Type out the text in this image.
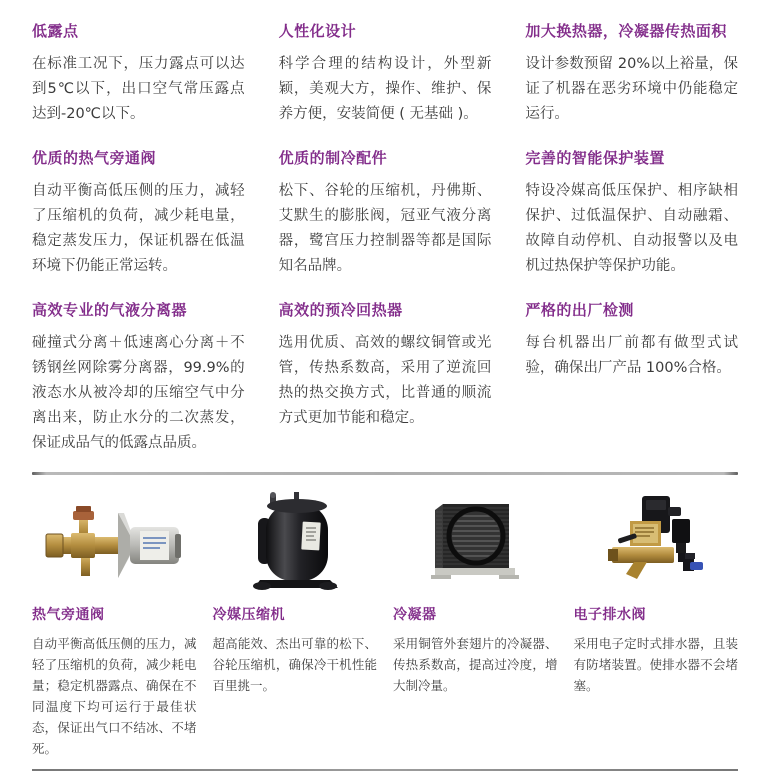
低露点

在标准工况下，压力露点可以达到5℃以下，出口空气常压露点达到-20℃以下。

人性化设计

科学合理的结构设计，外型新颖，美观大方，操作、维护、保养方便，安装简便 ( 无基础 )。

加大换热器，冷凝器传热面积

设计参数预留 20%以上裕量，保证了机器在恶劣环境中仍能稳定运行。

优质的热气旁通阀

自动平衡高低压侧的压力，减轻了压缩机的负荷，减少耗电量，稳定蒸发压力，保证机器在低温环境下仍能正常运转。

优质的制冷配件

松下、谷轮的压缩机，丹佛斯、艾默生的膨胀阀，冠亚气液分离器，鹭宫压力控制器等都是国际知名品牌。

完善的智能保护装置

特设冷媒高低压保护、相序缺相保护、过低温保护、自动融霜、故障自动停机、自动报警以及电机过热保护等保护功能。

高效专业的气液分离器

碰撞式分离＋低速离心分离＋不锈钢丝网除雾分离器，99.9%的液态水从被冷却的压缩空气中分离出来，防止水分的二次蒸发，保证成品气的低露点品质。

高效的预冷回热器

选用优质、高效的螺纹铜管或光管，传热系数高，采用了逆流回热的热交换方式，比普通的顺流方式更加节能和稳定。

严格的出厂检测

每台机器出厂前都有做型式试验，确保出厂产品 100%合格。

热气旁通阀

自动平衡高低压侧的压力，减轻了压缩机的负荷，减少耗电量；稳定机器露点、确保在不同温度下均可运行于最佳状态，保证出气口不结冰、不堵死。

冷媒压缩机

超高能效、杰出可靠的松下、谷轮压缩机，确保冷干机性能百里挑一。

冷凝器

采用铜管外套翅片的冷凝器、传热系数高，提高过冷度，增大制冷量。

电子排水阀

采用电子定时式排水器，且装有防堵装置。使排水器不会堵塞。
